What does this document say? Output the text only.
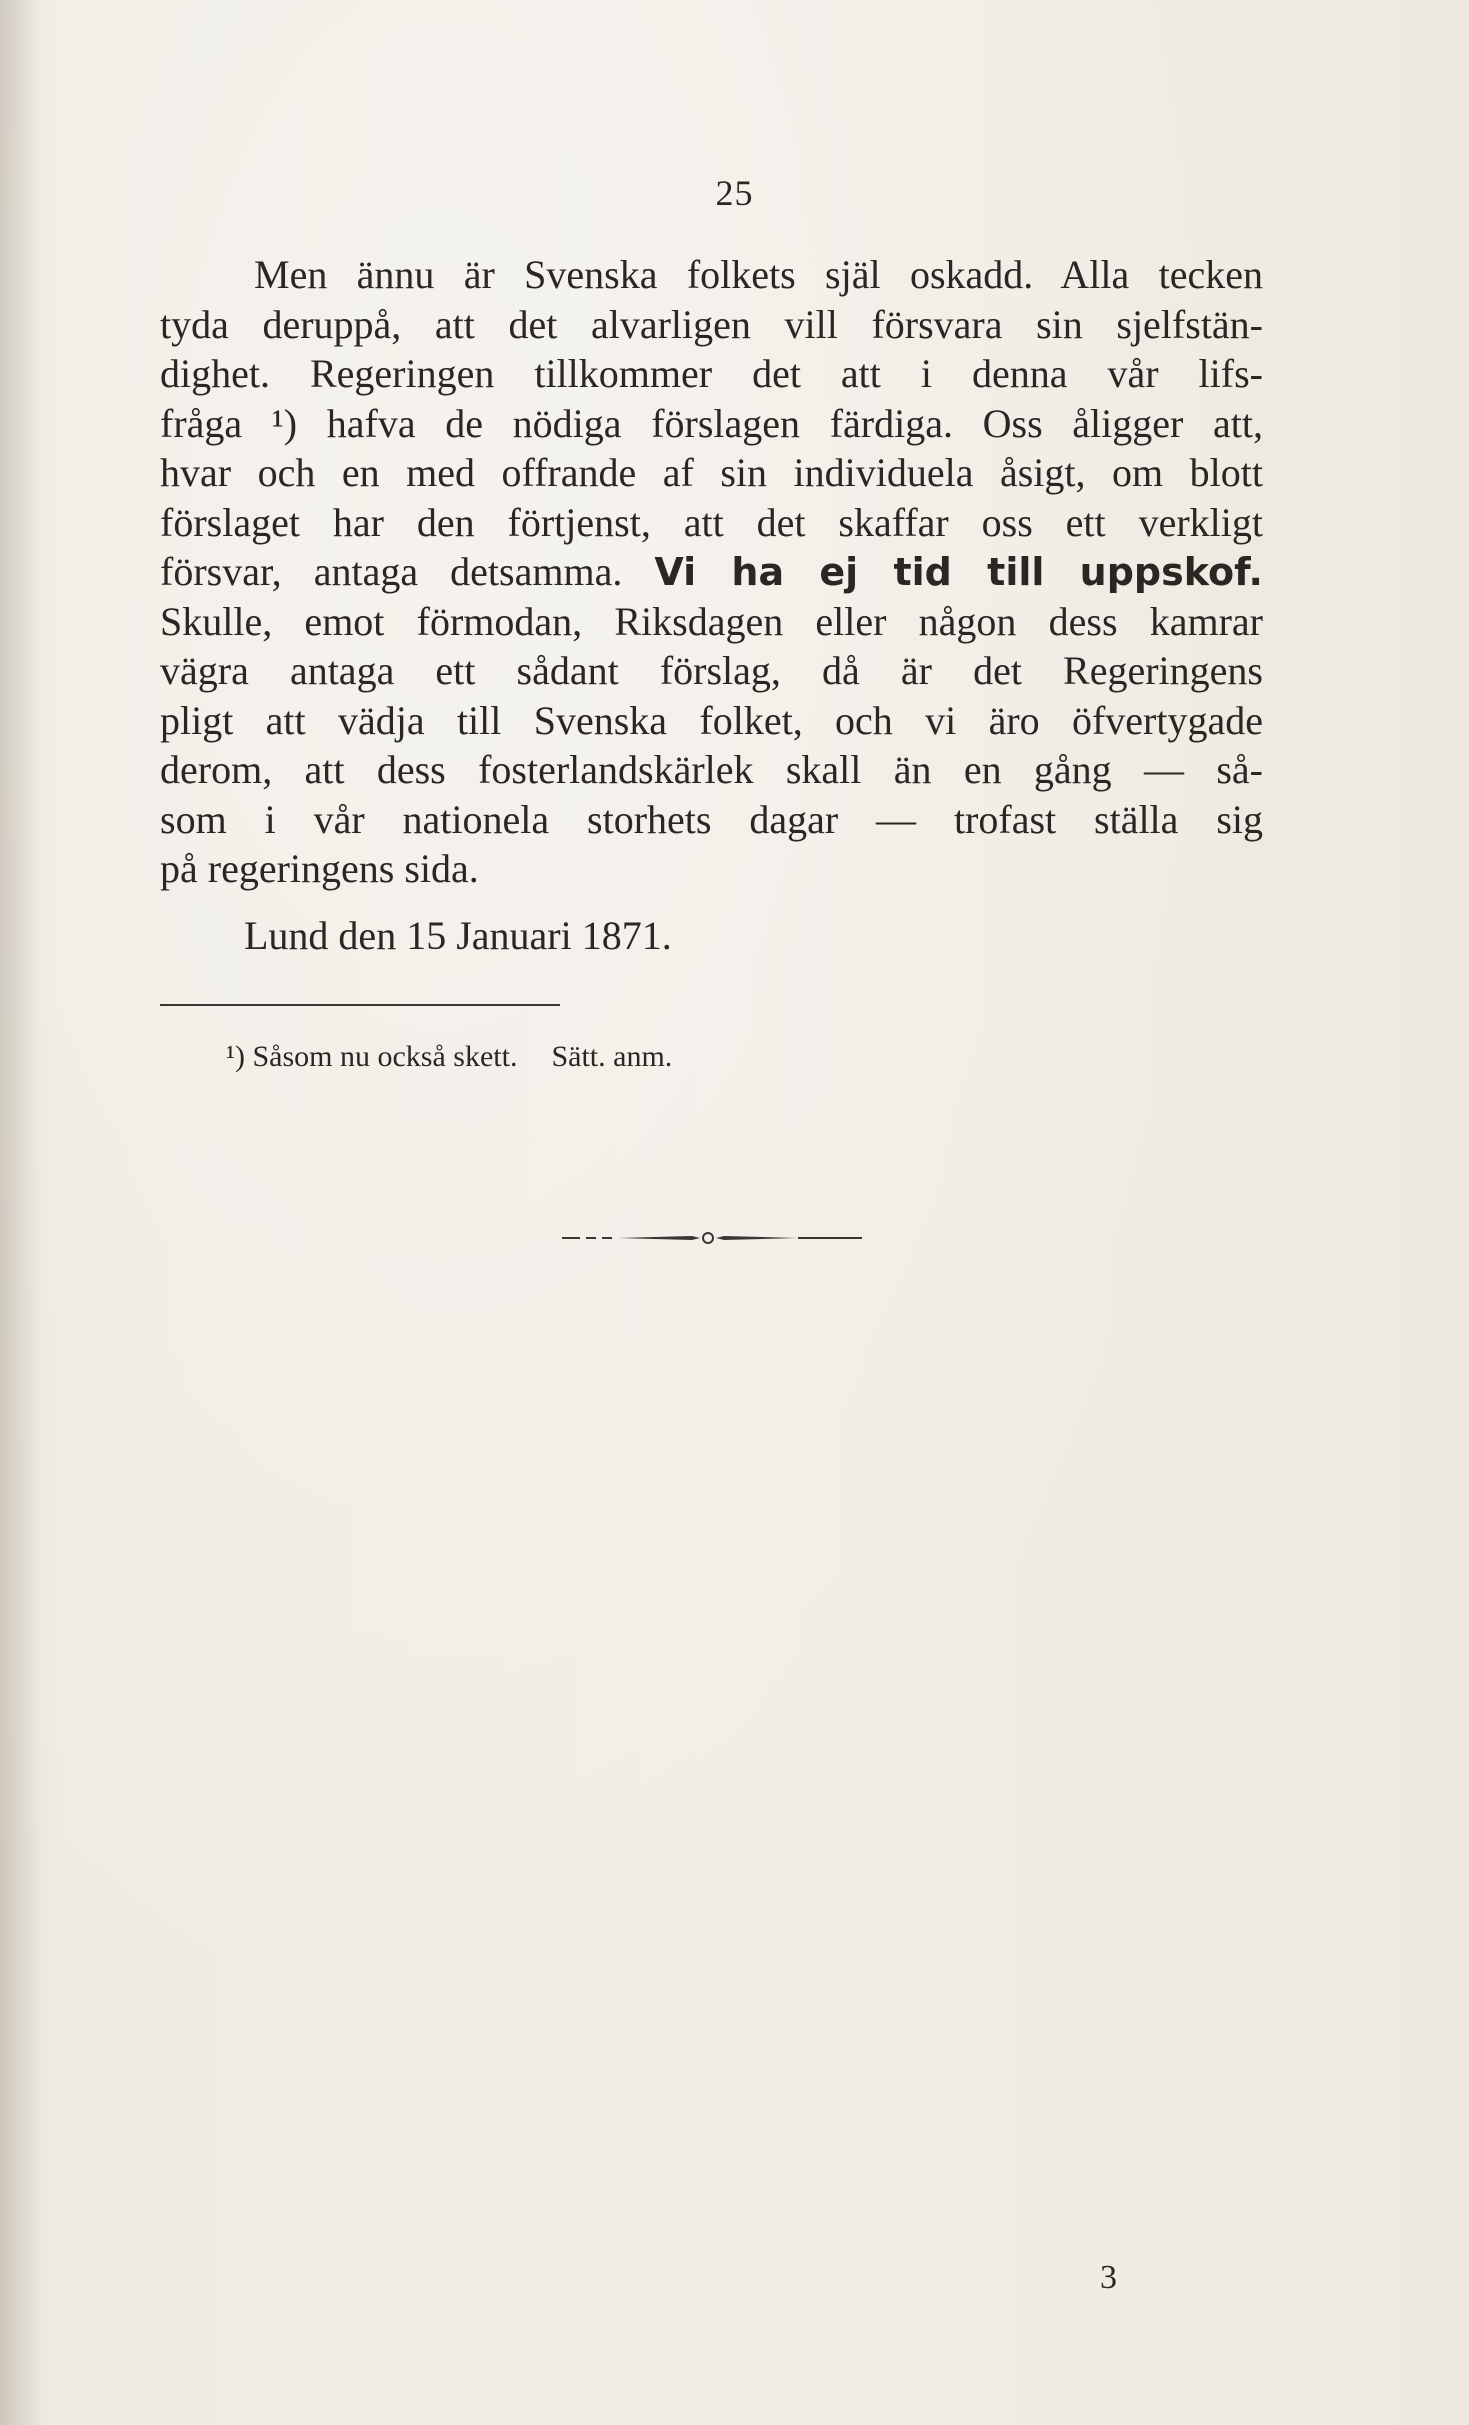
25
Men ännu är Svenska folkets själ oskadd. Alla tecken
tyda deruppå, att det alvarligen vill försvara sin sjelfstän-
dighet. Regeringen tillkommer det att i denna vår lifs-
fråga ¹) hafva de nödiga förslagen färdiga. Oss åligger att,
hvar och en med offrande af sin individuela åsigt, om blott
förslaget har den förtjenst, att det skaffar oss ett verkligt
försvar, antaga detsamma. Vi ha ej tid till uppskof.
Skulle, emot förmodan, Riksdagen eller någon dess kamrar
vägra antaga ett sådant förslag, då är det Regeringens
pligt att vädja till Svenska folket, och vi äro öfvertygade
derom, att dess fosterlandskärlek skall än en gång — så-
som i vår nationela storhets dagar — trofast ställa sig
på regeringens sida.
Lund den 15 Januari 1871.
¹) Såsom nu också skett. Sätt. anm.
3
